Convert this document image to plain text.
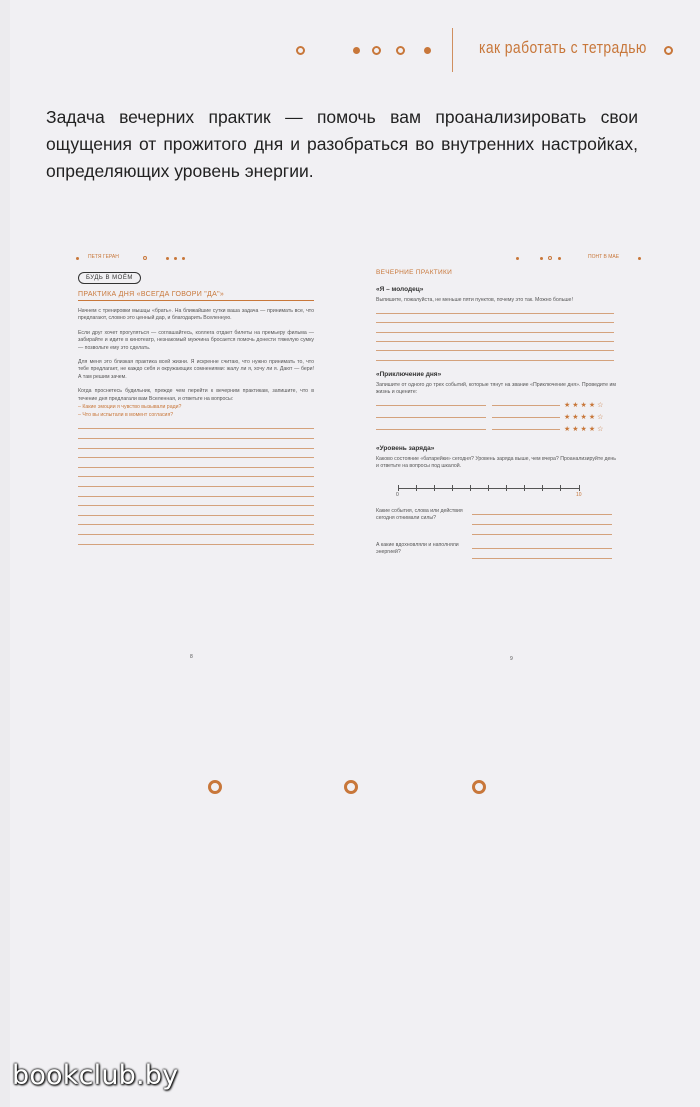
как работать с тетрадью
Задача вечерних практик — помочь вам проанализировать свои ощущения от прожитого дня и разобраться во внутренних настройках, определяющих уровень энергии.
ПЕТЯ ГЕРАН	ПОНТ В МАЕ
БУДЬ В МОЁМ
ПРАКТИКА ДНЯ «ВСЕГДА ГОВОРИ "ДА"»
Начнем с тренировки мышцы «брать». На ближайшие сутки ваша задача — принимать все, что предлагают, словно это ценный дар, и благодарить Вселенную.
Если друг хочет прогуляться — соглашайтесь, коллега отдает билеты на премьеру фильма — забирайте и идите в кинотеатр, незнакомый мужчина бросается помочь донести тяжелую сумку — позвольте ему это сделать.
Для меня это близкая практика всей жизни. Я искренне считаю, что нужно принимать то, что тебе предлагает, не каждо себя и окружающих сомнениями: жалу ли я, хочу ли я. Дают — бери! А там решим зачем.
Когда проснетесь будильник, прежде чем перейти к вечерним практикам, запишите, что в течение дня предлагали вам Вселенная, и ответьте на вопросы:
– Какие эмоции я чувство вызывали ради?
– Что вы испытали в момент согласия?
8
ВЕЧЕРНИЕ ПРАКТИКИ
«Я – молодец»
Выпишите, пожалуйста, не меньше пяти пунктов, почему это так. Можно больше!
«Приключение дня»
Запишите от одного до трех событий, которые тянут на звание «Приключение дня». Проведите им жизнь и оцените:
★★★★☆
★★★★☆
★★★★☆
«Уровень заряда»
Каково состояние «батарейки» сегодня? Уровень заряда выше, чем вчера? Проанализируйте день и ответьте на вопросы под шкалой.
0	10
Какие события, слова или действия сегодня отнимали силы?
А какие вдохновляли и наполняли энергией?
9
bookclub.by
